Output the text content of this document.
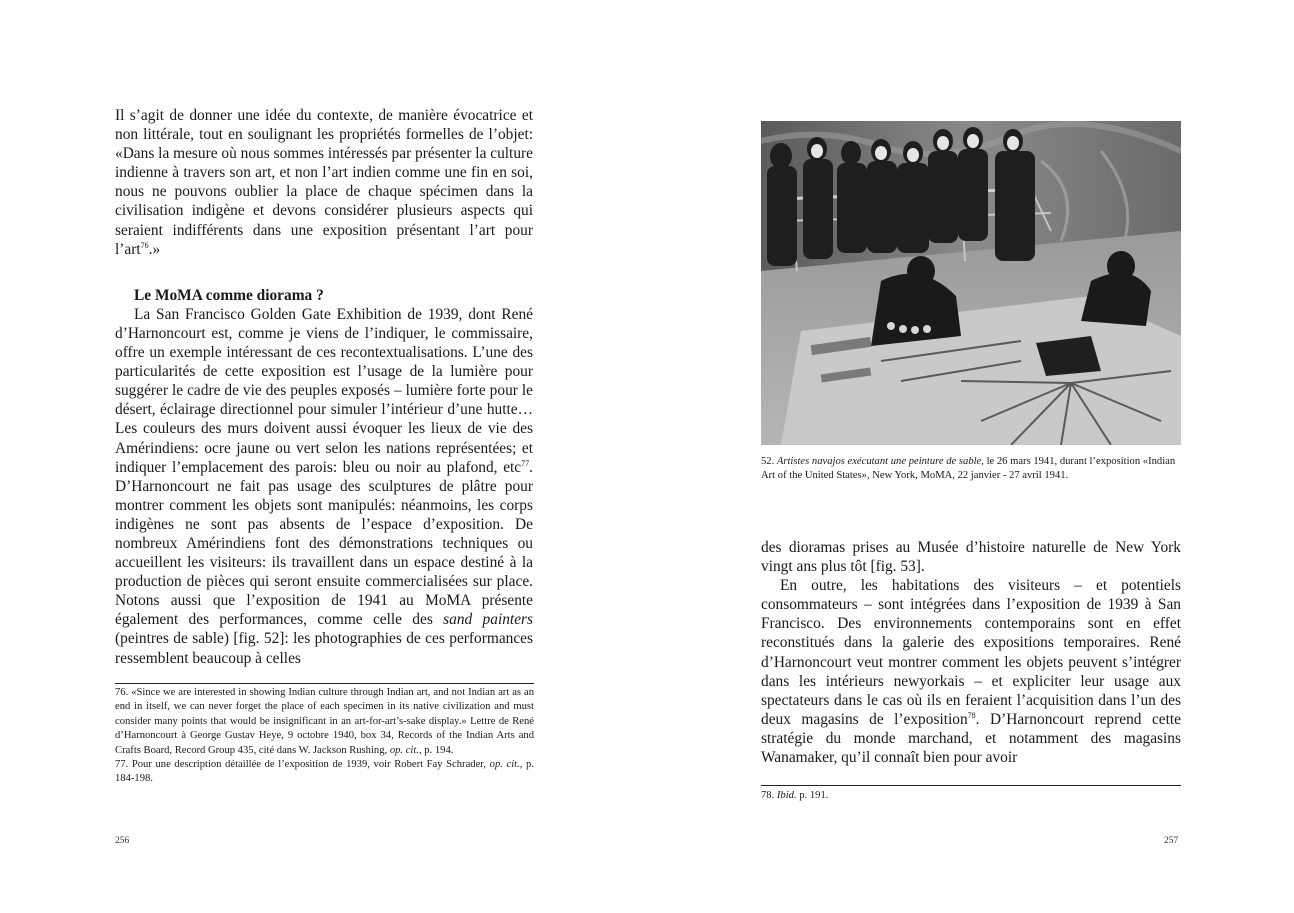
Il s’agit de donner une idée du contexte, de manière évocatrice et non littérale, tout en soulignant les propriétés formelles de l’objet: «Dans la mesure où nous sommes intéressés par présenter la culture indienne à travers son art, et non l’art indien comme une fin en soi, nous ne pouvons oublier la place de chaque spécimen dans la civilisation indigène et devons considérer plusieurs aspects qui seraient indifférents dans une exposition présentant l’art pour l’art$^{76}$.»

Le MoMA comme diorama ?

La San Francisco Golden Gate Exhibition de 1939, dont René d’Harnoncourt est, comme je viens de l’indiquer, le commissaire, offre un exemple intéressant de ces recontextualisations. L’une des particularités de cette exposition est l’usage de la lumière pour suggérer le cadre de vie des peuples exposés – lumière forte pour le désert, éclairage directionnel pour simuler l’intérieur d’une hutte… Les couleurs des murs doivent aussi évoquer les lieux de vie des Amérindiens: ocre jaune ou vert selon les nations représentées; et indiquer l’emplacement des parois: bleu ou noir au plafond, etc$^{77}$. D’Harnoncourt ne fait pas usage des sculptures de plâtre pour montrer comment les objets sont manipulés: néanmoins, les corps indigènes ne sont pas absents de l’espace d’exposition. De nombreux Amérindiens font des démonstrations techniques ou accueillent les visiteurs: ils travaillent dans un espace destiné à la production de pièces qui seront ensuite commercialisées sur place. Notons aussi que l’exposition de 1941 au MoMA présente également des performances, comme celle des sand painters (peintres de sable) [fig. 52]: les photographies de ces performances ressemblent beaucoup à celles

76. «Since we are interested in showing Indian culture through Indian art, and not Indian art as an end in itself, we can never forget the place of each specimen in its native civilization and must consider many points that would be insignificant in an art-for-art’s-sake display.» Lettre de René d’Harnoncourt à George Gustav Heye, 9 octobre 1940, box 34, Records of the Indian Arts and Crafts Board, Record Group 435, cité dans W. Jackson Rushing, op. cit., p. 194.

77. Pour une description détaillée de l’exposition de 1939, voir Robert Fay Schrader, op. cit., p. 184-198.

256
52. Artistes navajos exécutant une peinture de sable, le 26 mars 1941, durant l’exposition «Indian Art of the United States», New York, MoMA, 22 janvier - 27 avril 1941.

des dioramas prises au Musée d’histoire naturelle de New York vingt ans plus tôt [fig. 53].

En outre, les habitations des visiteurs – et potentiels consommateurs – sont intégrées dans l’exposition de 1939 à San Francisco. Des environnements contemporains sont en effet reconstitués dans la galerie des expositions temporaires. René d’Harnoncourt veut montrer comment les objets peuvent s’intégrer dans les intérieurs newyorkais – et expliciter leur usage aux spectateurs dans le cas où ils en feraient l’acquisition dans l’un des deux magasins de l’exposition$^{78}$. D’Harnoncourt reprend cette stratégie du monde marchand, et notamment des magasins Wanamaker, qu’il connaît bien pour avoir

78. Ibid. p. 191.

257
